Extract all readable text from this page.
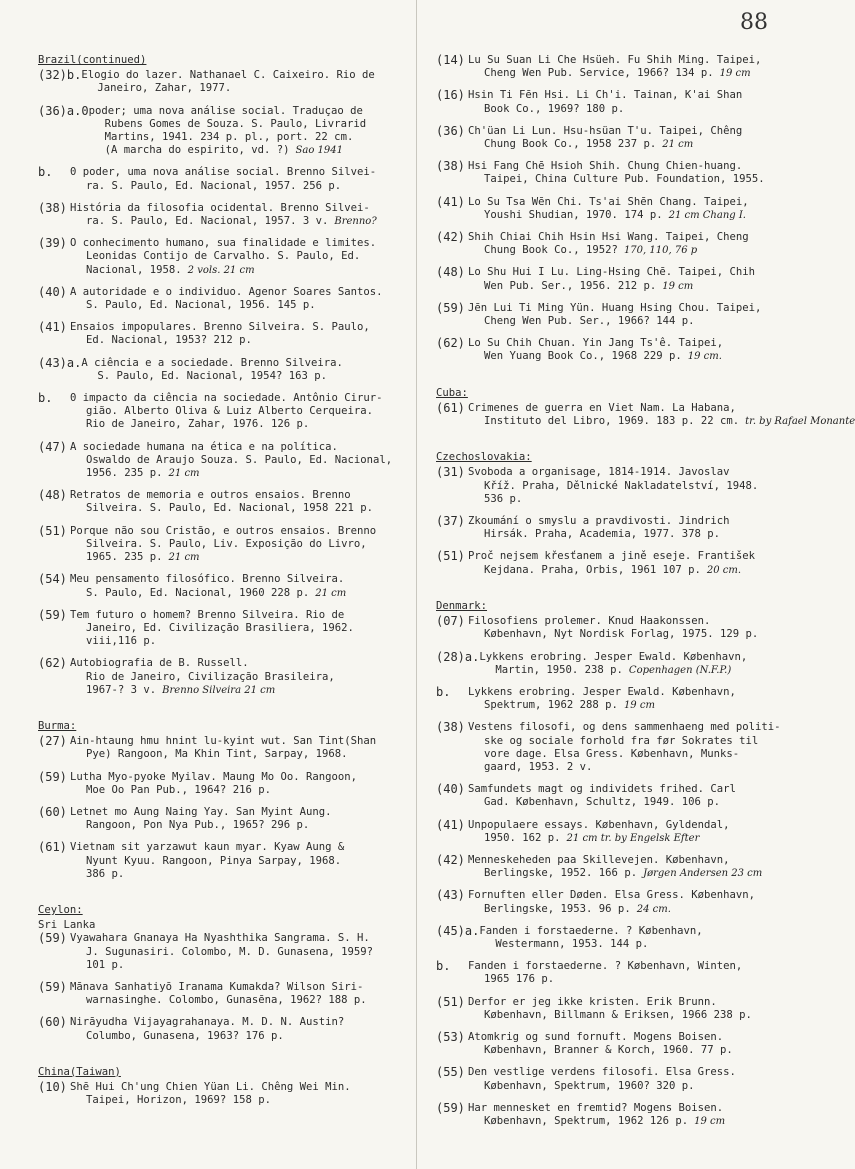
88
Brazil(continued)
(32)b. Elogio do lazer. Nathanael C. Caixeiro. Rio de
Janeiro, Zahar, 1977.
(36)a.0 poder; uma nova análise social. Traduçao de
Rubens Gomes de Souza. S. Paulo, Livrarid
Martins, 1941. 234 p. pl., port. 22 cm.
(A marcha do espirito, vd. ?) Sao 1941
b.	0 poder, uma nova análise social. Brenno Silvei-
ra. S. Paulo, Ed. Nacional, 1957. 256 p.
(38) História da filosofia ocidental. Brenno Silvei-
ra. S. Paulo, Ed. Nacional, 1957. 3 v. Brenno?
(39) O conhecimento humano, sua finalidade e limites.
Leonidas Contijo de Carvalho. S. Paulo, Ed.
Nacional, 1958. 2 vols. 21 cm
(40) A autoridade e o individuo. Agenor Soares Santos.
S. Paulo, Ed. Nacional, 1956. 145 p.
(41) Ensaios impopulares. Brenno Silveira. S. Paulo,
Ed. Nacional, 1953? 212 p.
(43)a. A ciência e a sociedade. Brenno Silveira.
S. Paulo, Ed. Nacional, 1954? 163 p.
b.	0 impacto da ciência na sociedade. Antônio Cirur-
gião. Alberto Oliva & Luiz Alberto Cerqueira.
Rio de Janeiro, Zahar, 1976. 126 p.
(47) A sociedade humana na ética e na política.
Oswaldo de Araujo Souza. S. Paulo, Ed. Nacional,
1956. 235 p. 21 cm
(48) Retratos de memoria e outros ensaios. Brenno
Silveira. S. Paulo, Ed. Nacional, 1958 221 p.
(51) Porque não sou Cristão, e outros ensaios. Brenno
Silveira. S. Paulo, Liv. Exposição do Livro,
1965. 235 p. 21 cm
(54) Meu pensamento filosófico. Brenno Silveira.
S. Paulo, Ed. Nacional, 1960 228 p. 21 cm
(59) Tem futuro o homem? Brenno Silveira. Rio de
Janeiro, Ed. Civilização Brasiliera, 1962.
viii,116 p.
(62) Autobiografia de B. Russell.
Rio de Janeiro, Civilização Brasileira,
1967-? 3 v. Brenno Silveira 21 cm
Burma:
(27) Ain-htaung hmu hnint lu-kyint wut. San Tint(Shan
Pye) Rangoon, Ma Khin Tint, Sarpay, 1968.
(59) Lutha Myo-pyoke Myilav. Maung Mo Oo. Rangoon,
Moe Oo Pan Pub., 1964? 216 p.
(60) Letnet mo Aung Naing Yay. San Myint Aung.
Rangoon, Pon Nya Pub., 1965? 296 p.
(61) Vietnam sit yarzawut kaun myar. Kyaw Aung &
Nyunt Kyuu. Rangoon, Pinya Sarpay, 1968.
386 p.
Ceylon:
Sri Lanka
(59) Vyawahara Gnanaya Ha Nyashthika Sangrama. S. H.
J. Sugunasiri. Colombo, M. D. Gunasena, 1959?
101 p.
(59) Mānava Sanhatiyō Iranama Kumakda? Wilson Siri-
warnasinghe. Colombo, Gunasēna, 1962? 188 p.
(60) Nirāyudha Vijayagrahanaya. M. D. N. Austin?
Columbo, Gunasena, 1963? 176 p.
China(Taiwan)
(10) Shē Hui Ch'ung Chien Yüan Li. Chêng Wei Min.
Taipei, Horizon, 1969? 158 p.
(14) Lu Su Suan Li Che Hsüeh. Fu Shih Ming. Taipei,
Cheng Wen Pub. Service, 1966? 134 p. 19 cm
(16) Hsin Ti Fēn Hsi. Li Ch'i. Tainan, K'ai Shan
Book Co., 1969? 180 p.
(36) Ch'üan Li Lun. Hsu-hsüan T'u. Taipei, Chêng
Chung Book Co., 1958 237 p. 21 cm
(38) Hsi Fang Chē Hsioh Shih. Chung Chien-huang.
Taipei, China Culture Pub. Foundation, 1955.
(41) Lo Su Tsa Wēn Chi. Ts'ai Shēn Chang. Taipei,
Youshi Shudian, 1970. 174 p. 21 cm Chang I.
(42) Shih Chiai Chih Hsin Hsi Wang. Taipei, Cheng
Chung Book Co., 1952? 170, 110, 76 p
(48) Lo Shu Hui I Lu. Ling-Hsing Chē. Taipei, Chih
Wen Pub. Ser., 1956. 212 p. 19 cm
(59) Jēn Lui Ti Ming Yün. Huang Hsing Chou. Taipei,
Cheng Wen Pub. Ser., 1966? 144 p.
(62) Lo Su Chih Chuan. Yin Jang Ts'ê. Taipei,
Wen Yuang Book Co., 1968 229 p. 19 cm.
Cuba:
(61) Crimenes de guerra en Viet Nam. La Habana,
Instituto del Libro, 1969. 183 p. 22 cm. tr. by Rafael Monante
Czechoslovakia:
(31) Svoboda a organisage, 1814-1914. Javoslav
Kříž. Praha, Dělnické Nakladatelství, 1948.
536 p.
(37) Zkoumání o smyslu a pravdivosti. Jindrich
Hirsák. Praha, Academia, 1977. 378 p.
(51) Proč nejsem křesťanem a jině eseje. František
Kejdana. Praha, Orbis, 1961 107 p. 20 cm.
Denmark:
(07) Filosofiens prolemer. Knud Haakonssen.
København, Nyt Nordisk Forlag, 1975. 129 p.
(28)a. Lykkens erobring. Jesper Ewald. København,
Martin, 1950. 238 p. Copenhagen (N.F.P.)
b.	Lykkens erobring. Jesper Ewald. København,
Spektrum, 1962 288 p. 19 cm
(38) Vestens filosofi, og dens sammenhaeng med politi-
ske og sociale forhold fra før Sokrates til
vore dage. Elsa Gress. København, Munks-
gaard, 1953. 2 v.
(40) Samfundets magt og individets frihed. Carl
Gad. København, Schultz, 1949. 106 p.
(41) Unpopulaere essays. København, Gyldendal,
1950. 162 p. 21 cm tr. by Engelsk Efter
(42) Menneskeheden paa Skillevejen. København,
Berlingske, 1952. 166 p. Jørgen Andersen 23 cm
(43) Fornuften eller Døden. Elsa Gress. København,
Berlingske, 1953. 96 p. 24 cm.
(45)a. Fanden i forstaederne. ? København,
Westermann, 1953. 144 p.
b.	Fanden i forstaederne. ? København, Winten,
1965 176 p.
(51) Derfor er jeg ikke kristen. Erik Brunn.
København, Billmann & Eriksen, 1966 238 p.
(53) Atomkrig og sund fornuft. Mogens Boisen.
København, Branner & Korch, 1960. 77 p.
(55) Den vestlige verdens filosofi. Elsa Gress.
København, Spektrum, 1960? 320 p.
(59) Har mennesket en fremtid? Mogens Boisen.
København, Spektrum, 1962 126 p. 19 cm
